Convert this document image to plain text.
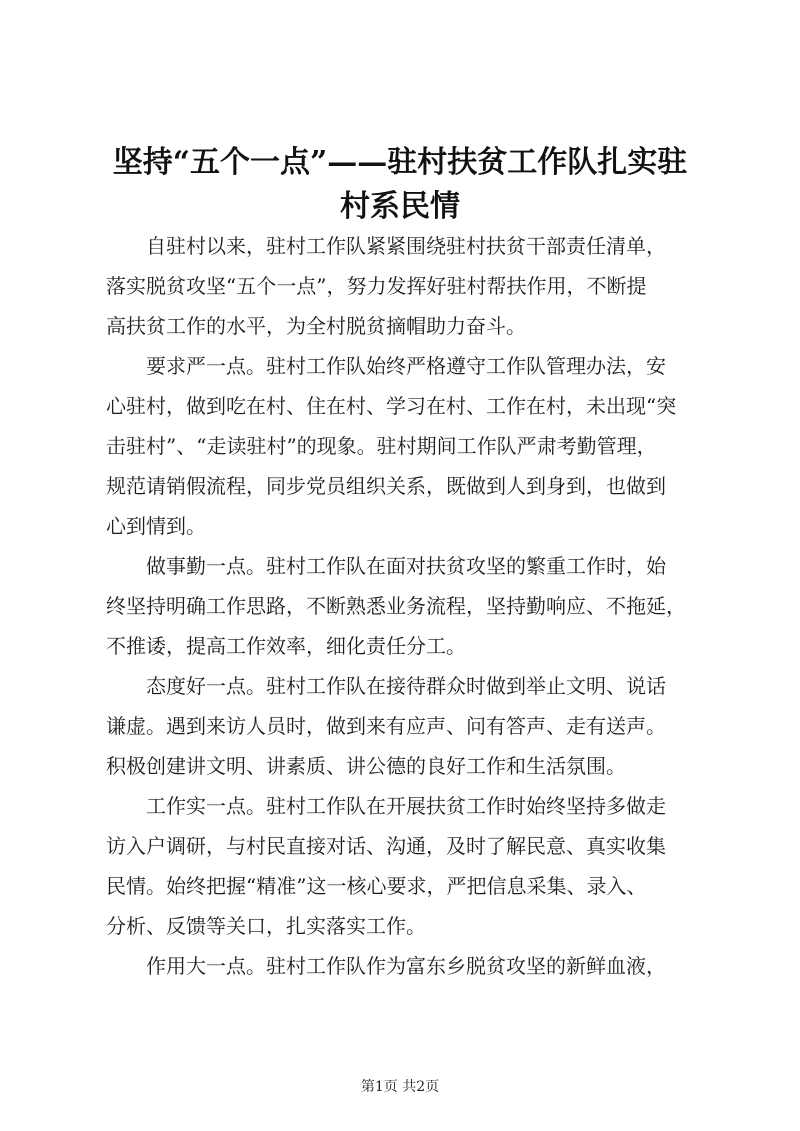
坚持“五个一点”——驻村扶贫工作队扎实驻
村系民情

自驻村以来，驻村工作队紧紧围绕驻村扶贫干部责任清单，
落实脱贫攻坚“五个一点”，努力发挥好驻村帮扶作用，不断提
高扶贫工作的水平，为全村脱贫摘帽助力奋斗。

要求严一点。驻村工作队始终严格遵守工作队管理办法，安
心驻村，做到吃在村、住在村、学习在村、工作在村，未出现“突
击驻村”、“走读驻村”的现象。驻村期间工作队严肃考勤管理，
规范请销假流程，同步党员组织关系，既做到人到身到，也做到
心到情到。

做事勤一点。驻村工作队在面对扶贫攻坚的繁重工作时，始
终坚持明确工作思路，不断熟悉业务流程，坚持勤响应、不拖延，
不推诿，提高工作效率，细化责任分工。

态度好一点。驻村工作队在接待群众时做到举止文明、说话
谦虚。遇到来访人员时，做到来有应声、问有答声、走有送声。
积极创建讲文明、讲素质、讲公德的良好工作和生活氛围。

工作实一点。驻村工作队在开展扶贫工作时始终坚持多做走
访入户调研，与村民直接对话、沟通，及时了解民意、真实收集
民情。始终把握“精准”这一核心要求，严把信息采集、录入、
分析、反馈等关口，扎实落实工作。

作用大一点。驻村工作队作为富东乡脱贫攻坚的新鲜血液，

第1页 共2页
